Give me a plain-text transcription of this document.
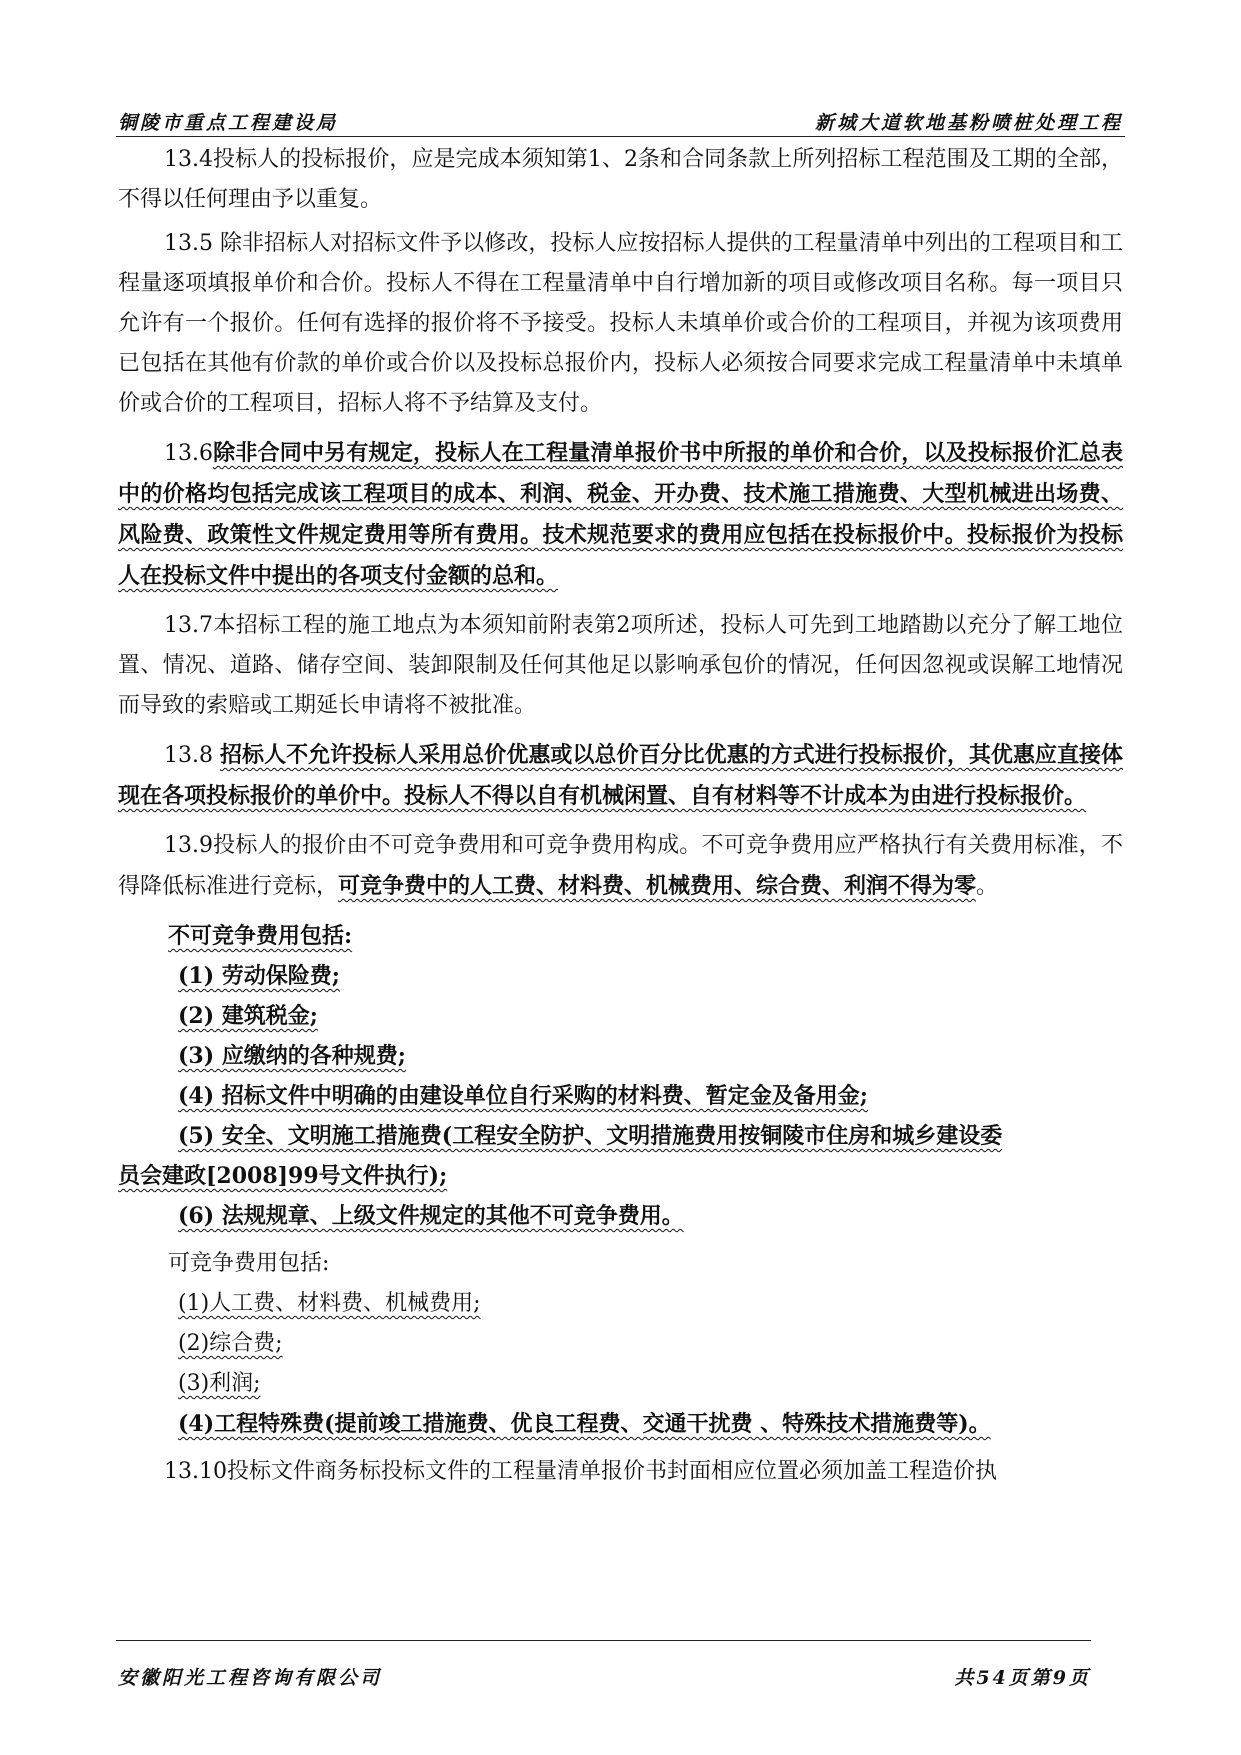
铜陵市重点工程建设局	新城大道软地基粉喷桩处理工程

13.4投标人的投标报价，应是完成本须知第1、2条和合同条款上所列招标工程范围及工期的全部，不得以任何理由予以重复。

13.5 除非招标人对招标文件予以修改，投标人应按招标人提供的工程量清单中列出的工程项目和工程量逐项填报单价和合价。投标人不得在工程量清单中自行增加新的项目或修改项目名称。每一项目只允许有一个报价。任何有选择的报价将不予接受。投标人未填单价或合价的工程项目，并视为该项费用已包括在其他有价款的单价或合价以及投标总报价内，投标人必须按合同要求完成工程量清单中未填单价或合价的工程项目，招标人将不予结算及支付。

13.6除非合同中另有规定，投标人在工程量清单报价书中所报的单价和合价，以及投标报价汇总表中的价格均包括完成该工程项目的成本、利润、税金、开办费、技术施工措施费、大型机械进出场费、风险费、政策性文件规定费用等所有费用。技术规范要求的费用应包括在投标报价中。投标报价为投标人在投标文件中提出的各项支付金额的总和。

13.7本招标工程的施工地点为本须知前附表第2项所述，投标人可先到工地踏勘以充分了解工地位置、情况、道路、储存空间、装卸限制及任何其他足以影响承包价的情况，任何因忽视或误解工地情况而导致的索赔或工期延长申请将不被批准。

13.8 招标人不允许投标人采用总价优惠或以总价百分比优惠的方式进行投标报价，其优惠应直接体现在各项投标报价的单价中。投标人不得以自有机械闲置、自有材料等不计成本为由进行投标报价。

13.9投标人的报价由不可竞争费用和可竞争费用构成。不可竞争费用应严格执行有关费用标准，不得降低标准进行竞标，可竞争费中的人工费、材料费、机械费用、综合费、利润不得为零。

不可竞争费用包括:
(1) 劳动保险费;
(2) 建筑税金;
(3) 应缴纳的各种规费;
(4) 招标文件中明确的由建设单位自行采购的材料费、暂定金及备用金;
(5) 安全、文明施工措施费(工程安全防护、文明措施费用按铜陵市住房和城乡建设委
员会建政[2008]99号文件执行);
(6) 法规规章、上级文件规定的其他不可竞争费用。
可竞争费用包括:
(1)人工费、材料费、机械费用;
(2)综合费;
(3)利润;
(4)工程特殊费(提前竣工措施费、优良工程费、交通干扰费 、特殊技术措施费等)。

13.10投标文件商务标投标文件的工程量清单报价书封面相应位置必须加盖工程造价执

安徽阳光工程咨询有限公司	共54页第9页
